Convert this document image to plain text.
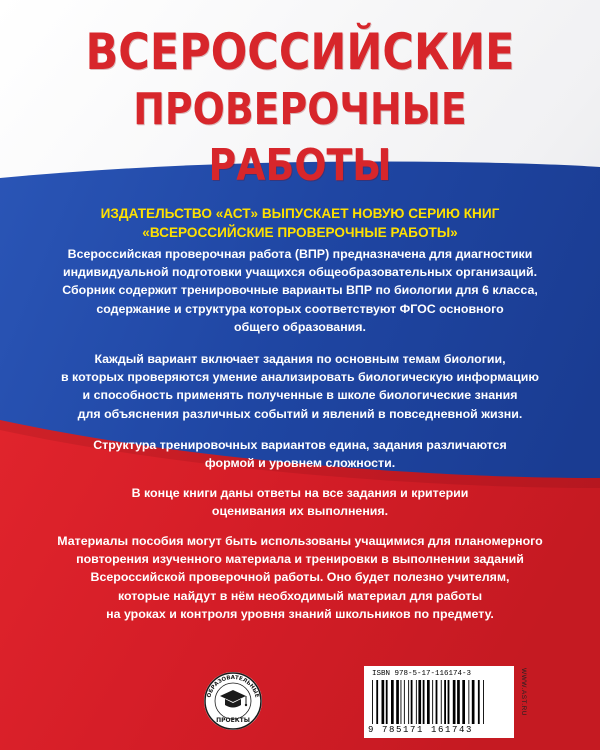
ВСЕРОССИЙСКИЕ
ПРОВЕРОЧНЫЕ РАБОТЫ
ИЗДАТЕЛЬСТВО «АСТ» ВЫПУСКАЕТ НОВУЮ СЕРИЮ КНИГ
«ВСЕРОССИЙСКИЕ ПРОВЕРОЧНЫЕ РАБОТЫ»
Всероссийская проверочная работа (ВПР) предназначена для диагностики
индивидуальной подготовки учащихся общеобразовательных организаций.
Сборник содержит тренировочные варианты ВПР по биологии для 6 класса,
содержание и структура которых соответствуют ФГОС основного
общего образования.
Каждый вариант включает задания по основным темам биологии,
в которых проверяются умение анализировать биологическую информацию
и способность применять полученные в школе биологические знания
для объяснения различных событий и явлений в повседневной жизни.
Структура тренировочных вариантов едина, задания различаются
формой и уровнем сложности.
В конце книги даны ответы на все задания и критерии
оценивания их выполнения.
Материалы пособия могут быть использованы учащимися для планомерного
повторения изученного материала и тренировки в выполнении заданий
Всероссийской проверочной работы. Оно будет полезно учителям,
которые найдут в нём необходимый материал для работы
на уроках и контроля уровня знаний школьников по предмету.
ОБРАЗОВАТЕЛЬНЫЕ
ПРОЕКТЫ
ISBN 978-5-17-116174-3
9 785171 161743
WWW.AST.RU
